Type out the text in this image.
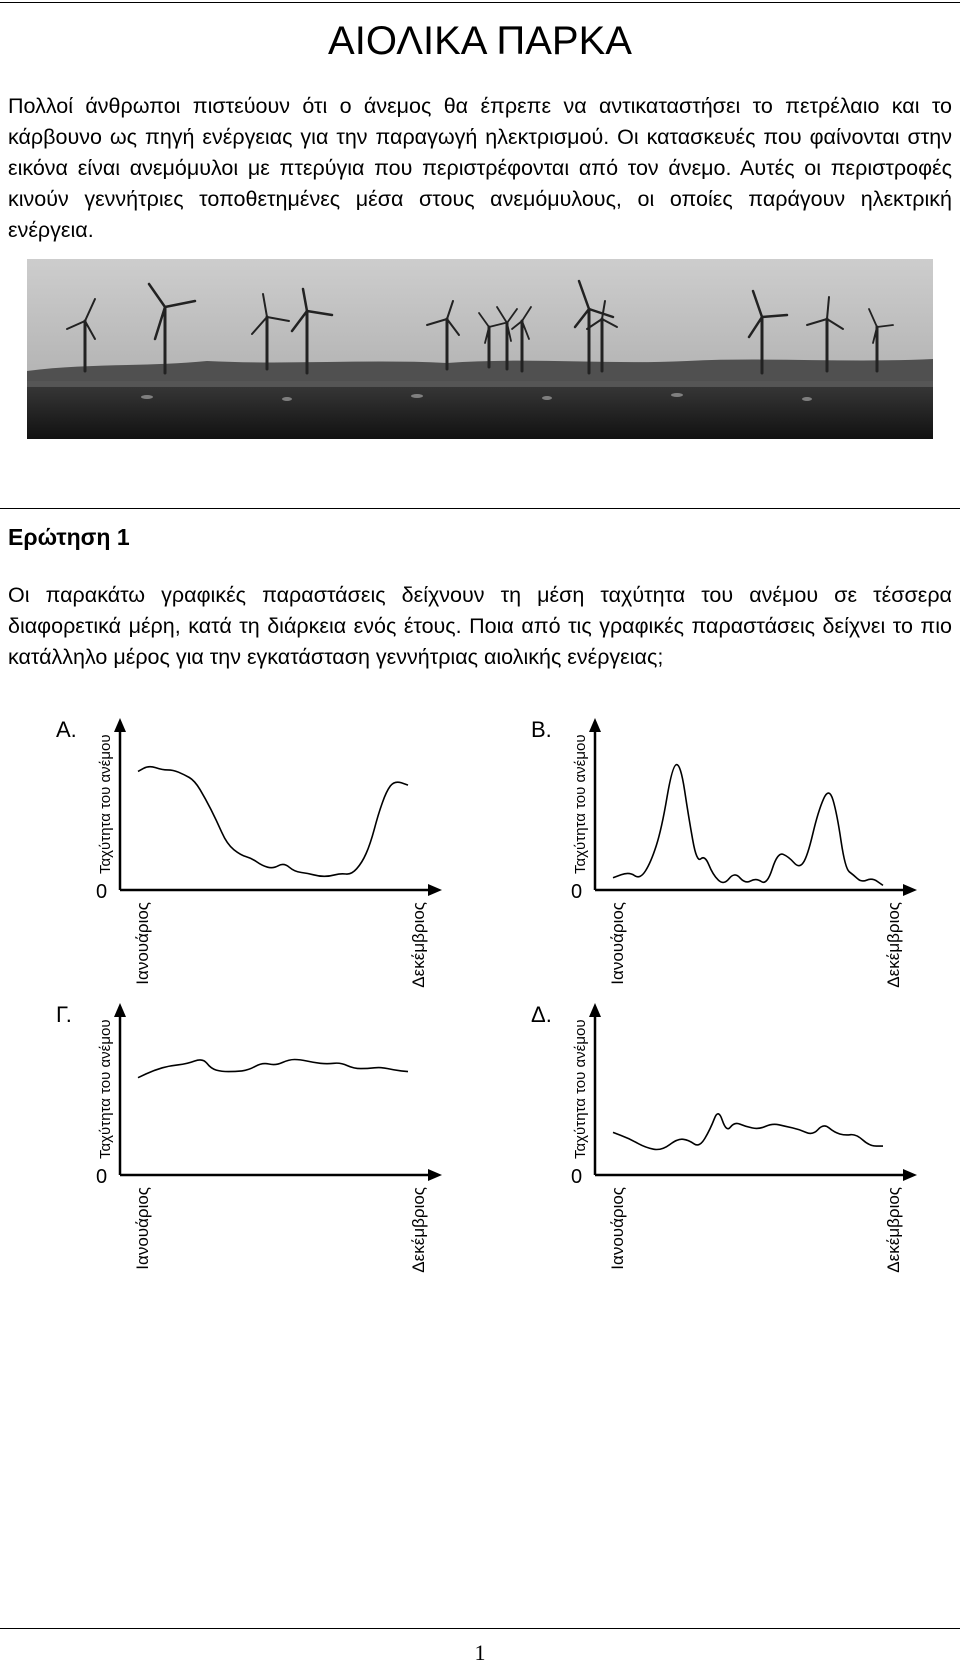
ΑΙΟΛΙΚΑ ΠΑΡΚΑ

Πολλοί άνθρωποι πιστεύουν ότι ο άνεμος θα έπρεπε να αντικαταστήσει το πετρέλαιο και το κάρβουνο ως πηγή ενέργειας για την παραγωγή ηλεκτρισμού. Οι κατασκευές που φαίνονται στην εικόνα είναι ανεμόμυλοι με πτερύγια που περιστρέφονται από τον άνεμο. Αυτές οι περιστροφές κινούν γεννήτριες τοποθετημένες μέσα στους ανεμόμυλους, οι οποίες παράγουν ηλεκτρική ενέργεια.

Ερώτηση 1

Οι παρακάτω γραφικές παραστάσεις δείχνουν τη μέση ταχύτητα του ανέμου σε τέσσερα διαφορετικά μέρη, κατά τη διάρκεια ενός έτους. Ποια από τις γραφικές παραστάσεις δείχνει το πιο κατάλληλο μέρος για την εγκατάσταση γεννήτριας αιολικής ενέργειας;

Α.
0
Ταχύτητα του ανέμου
Ιανουάριος	Δεκέμβριος
Β.
0
Ταχύτητα του ανέμου
Ιανουάριος	Δεκέμβριος
Γ.
0
Ταχύτητα του ανέμου
Ιανουάριος	Δεκέμβριος
Δ.
0
Ταχύτητα του ανέμου
Ιανουάριος	Δεκέμβριος
1
